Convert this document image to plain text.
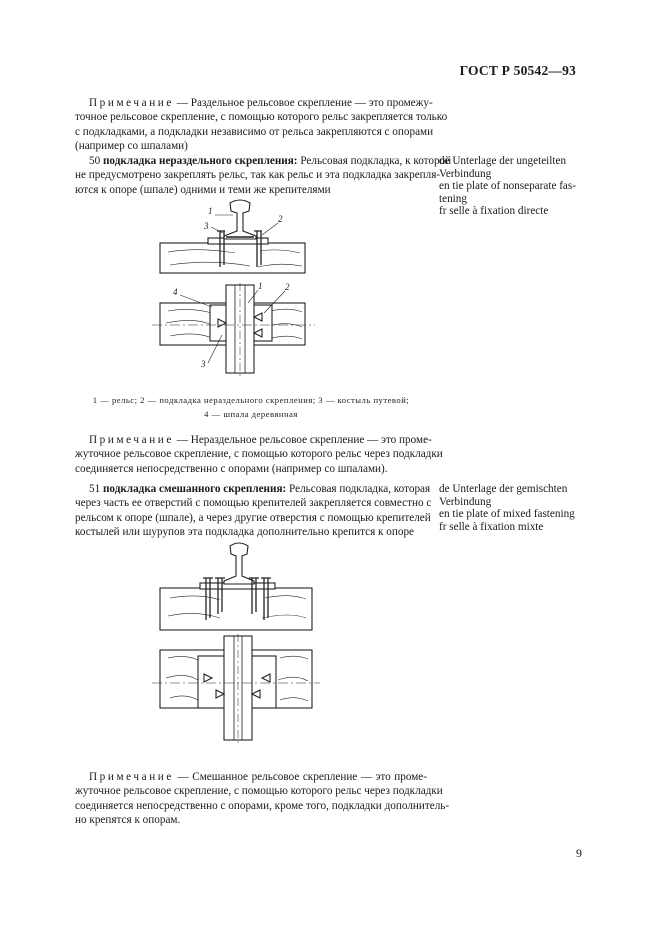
ГОСТ Р 50542—93
Примечание — Раздельное рельсовое скрепление — это промежу-
точное рельсовое скрепление, с помощью которого рельс закрепляется только
с подкладками, а подкладки независимо от рельса закрепляются с опорами
(например со шпалами)
50 подкладка нераздельного скрепления: Рельсовая подкладка, к которой
не предусмотрено закреплять рельс, так как рельс и эта подкладка закрепля-
ются к опоре (шпале) одними и теми же крепителями
de Unterlage der ungeteilten
Verbindung
en tie plate of nonseparate fas-
tening
fr selle à fixation directe
1
3
2
4
1	2
3
1 — рельс; 2 — подкладка нераздельного скрепления; 3 — костыль путевой;
4 — шпала деревянная
Примечание — Нераздельное рельсовое скрепление — это проме-
жуточное рельсовое скрепление, с помощью которого рельс через подкладки
соединяется непосредственно с опорами (например со шпалами).
51 подкладка смешанного скрепления: Рельсовая подкладка, которая
через часть ее отверстий с помощью крепителей закрепляется совместно с
рельсом к опоре (шпале), а через другие отверстия с помощью крепителей
костылей или шурупов эта подкладка дополнительно крепится к опоре
de Unterlage der gemischten
Verbindung
en tie plate of mixed fastening
fr selle à fixation mixte
Примечание — Смешанное рельсовое скрепление — это проме-
жуточное рельсовое скрепление, с помощью которого рельс через подкладки
соединяется непосредственно с опорами, кроме того, подкладки дополнитель-
но крепятся к опорам.
9
